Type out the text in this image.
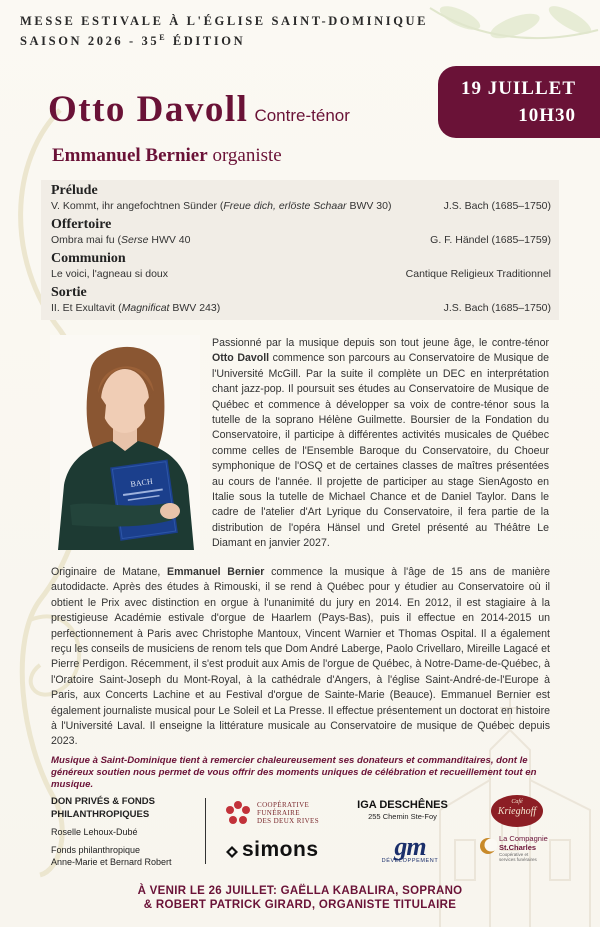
MESSE ESTIVALE À L'ÉGLISE SAINT-DOMINIQUE
SAISON $2026 - 35^E$ ÉDITION
19 JUILLET
10H30
Otto Davoll Contre-ténor
Emmanuel Bernier organiste
Prélude
V. Kommt, ihr angefochtnen Sünder (Freue dich, erlöste Schaar BWV 30)	J.S. Bach (1685–1750)
Offertoire
Ombra mai fu (Serse HWV 40	G. F. Händel (1685–1759)
Communion
Le voici, l'agneau si doux	Cantique Religieux Traditionnel
Sortie
II. Et Exultavit (Magnificat BWV 243)	J.S. Bach (1685–1750)
BACH
Passionné par la musique depuis son tout jeune âge, le contre-ténor Otto Davoll commence son parcours au Conservatoire de Musique de l'Université McGill. Par la suite il complète un DEC en interprétation chant jazz-pop. Il poursuit ses études au Conservatoire de Musique de Québec et commence à développer sa voix de contre-ténor sous la tutelle de la soprano Hélène Guilmette. Boursier de la Fondation du Conservatoire, il participe à différentes activités musicales de Québec comme celles de l'Ensemble Baroque du Conservatoire, du Choeur symphonique de l'OSQ et de certaines classes de maîtres présentées au cours de l'année. Il projette de participer au stage SienAgosto en Italie sous la tutelle de Michael Chance et de Daniel Taylor. Dans le cadre de l'atelier d'Art Lyrique du Conservatoire, il fera partie de la distribution de l'opéra Hänsel und Gretel présenté au Théâtre Le Diamant en janvier 2027.
Originaire de Matane, Emmanuel Bernier commence la musique à l'âge de 15 ans de manière autodidacte. Après des études à Rimouski, il se rend à Québec pour y étudier au Conservatoire où il obtient le Prix avec distinction en orgue à l'unanimité du jury en 2014. En 2012, il est stagiaire à la prestigieuse Académie estivale d'orgue de Haarlem (Pays-Bas), puis il effectue en 2014-2015 un perfectionnement à Paris avec Christophe Mantoux, Vincent Warnier et Thomas Ospital. Il a également reçu les conseils de musiciens de renom tels que Dom André Laberge, Paolo Crivellaro, Mireille Lagacé et Pierre Perdigon. Récemment, il s'est produit aux Amis de l'orgue de Québec, à Notre-Dame-de-Québec, à l'Oratoire Saint-Joseph du Mont-Royal, à la cathédrale d'Angers, à l'église Saint-André-de-l'Europe à Paris, aux Concerts Lachine et au Festival d'orgue de Sainte-Marie (Beauce). Emmanuel Bernier est également journaliste musical pour Le Soleil et La Presse. Il effectue présentement un doctorat en histoire à l'Université Laval. Il enseigne la littérature musicale au Conservatoire de musique de Québec depuis 2023.
Musique à Saint-Dominique tient à remercier chaleureusement ses donateurs et commanditaires, dont le généreux soutien nous permet de vous offrir des moments uniques de célébration et recueillement tout en musique.
DON PRIVÉS & FONDS
PHILANTHROPIQUES
Roselle Lehoux-Dubé
Fonds philanthropique
Anne-Marie et Bernard Robert
COOPÉRATIVE
FUNÉRAIRE
DES DEUX RIVES
IGA DESCHÊNES
255 Chemin Ste-Foy
Café
Krieghoff
simons	gm
DÉVELOPPEMENT
La Compagnie
St.Charles
Coopérative et
services funéraires
À VENIR LE 26 JUILLET: GAËLLA KABALIRA, SOPRANO
& ROBERT PATRICK GIRARD, ORGANISTE TITULAIRE
